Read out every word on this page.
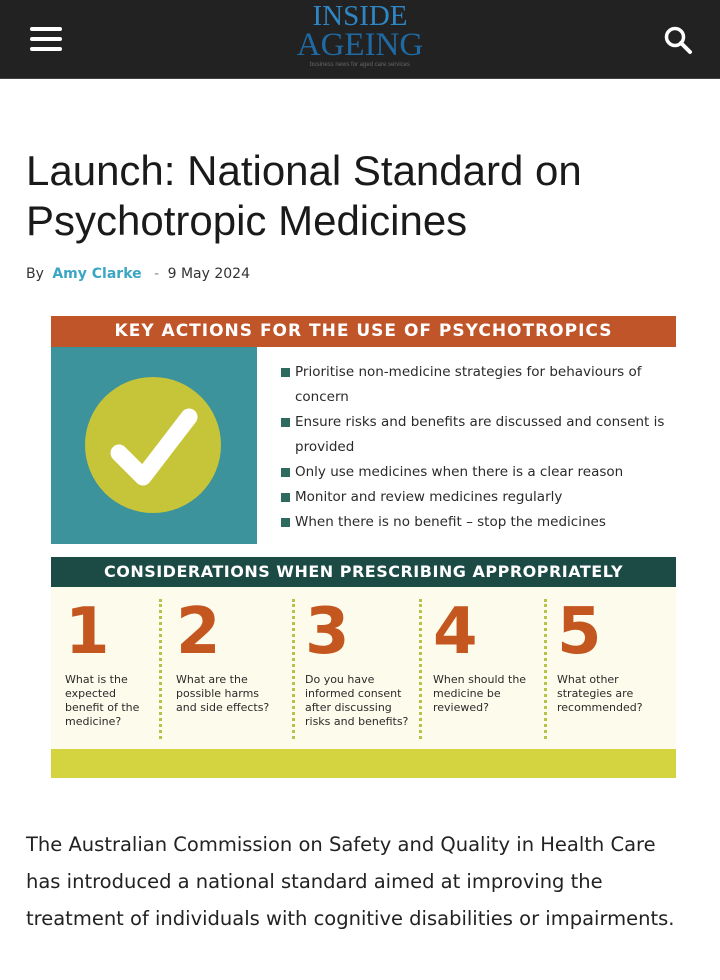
INSIDE
AGEING
business news for aged care services
Launch: National Standard on Psychotropic Medicines
By Amy Clarke - 9 May 2024
KEY ACTIONS FOR THE USE OF PSYCHOTROPICS
Prioritise non-medicine strategies for behaviours of concern
Ensure risks and benefits are discussed and consent is provided
Only use medicines when there is a clear reason
Monitor and review medicines regularly
When there is no benefit – stop the medicines
CONSIDERATIONS WHEN PRESCRIBING APPROPRIATELY
1
What is the expected benefit of the medicine?
2
What are the possible harms and side effects?
3
Do you have informed consent after discussing risks and benefits?
4
When should the medicine be reviewed?
5
What other strategies are recommended?

The Australian Commission on Safety and Quality in Health Care has introduced a national standard aimed at improving the treatment of individuals with cognitive disabilities or impairments.
